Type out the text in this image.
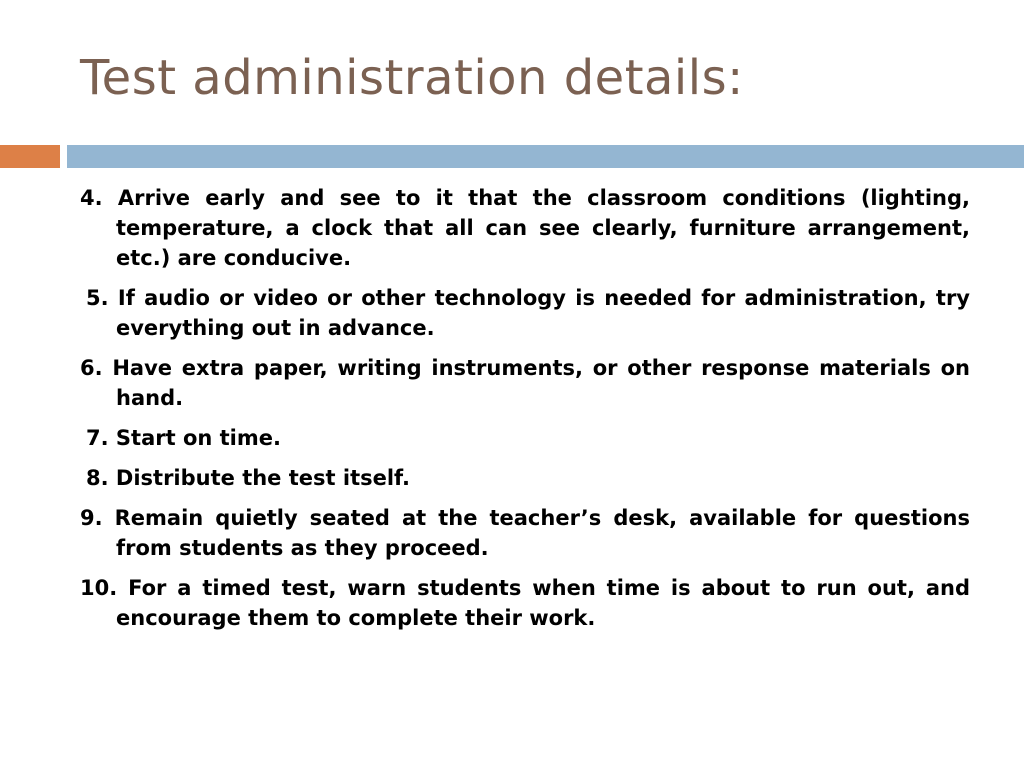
Test administration details:
4. Arrive early and see to it that the classroom conditions (lighting, temperature, a clock that all can see clearly, furniture arrangement, etc.) are conducive.
5. If audio or video or other technology is needed for administration, try everything out in advance.
6. Have extra paper, writing instruments, or other response materials on hand.
7. Start on time.
8. Distribute the test itself.
9. Remain quietly seated at the teacher’s desk, available for questions from students as they proceed.
10. For a timed test, warn students when time is about to run out, and encourage them to complete their work.
